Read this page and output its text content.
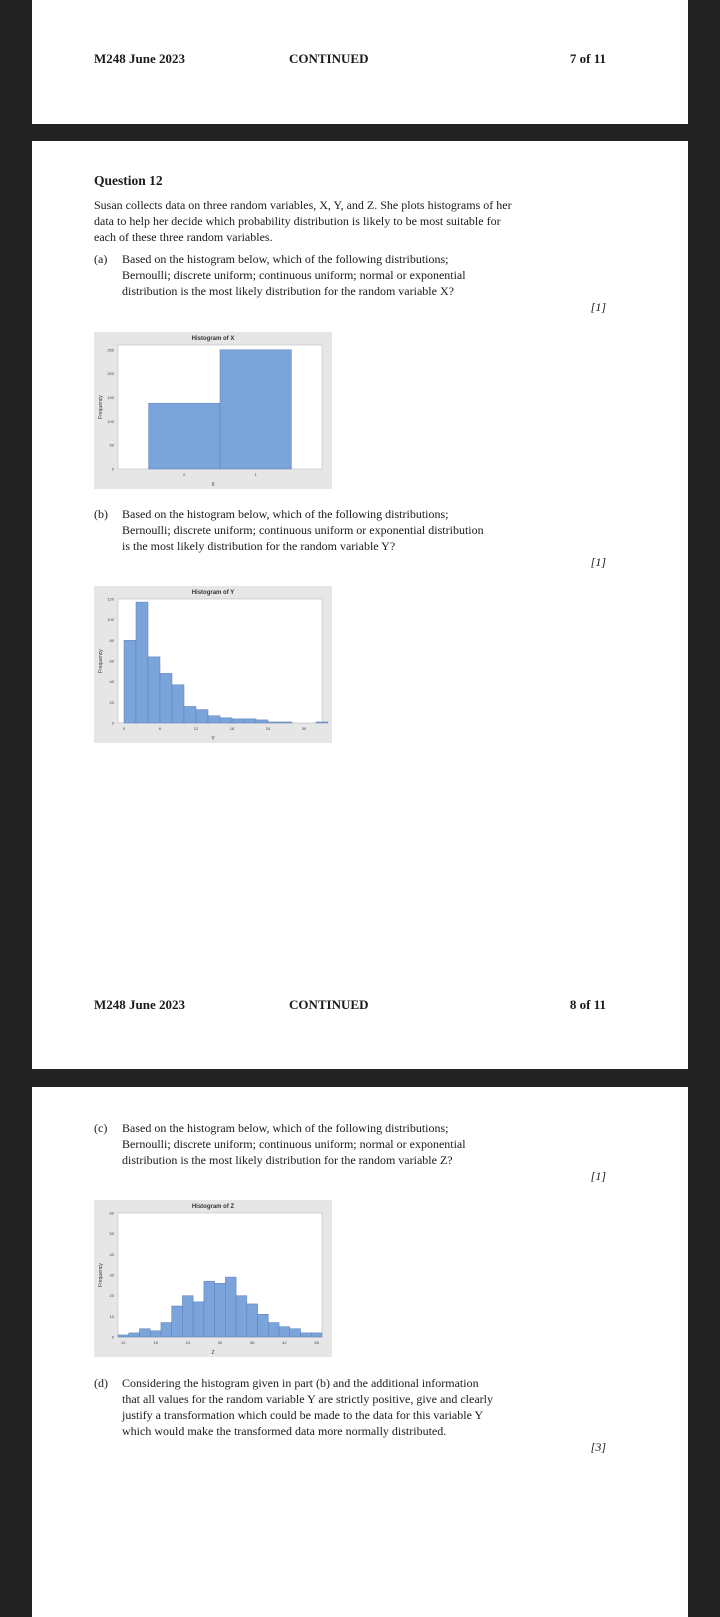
M248 June 2023	CONTINUED	7 of 11
Question 12
Susan collects data on three random variables, X, Y, and Z. She plots histograms of her data to help her decide which probability distribution is likely to be most suitable for each of these three random variables.
(a) Based on the histogram below, which of the following distributions; Bernoulli; discrete uniform; continuous uniform; normal or exponential distribution is the most likely distribution for the random variable X?
[1]
Histogram of X
X
Frequency
0
50
100
150
200
250
0	1
(b) Based on the histogram below, which of the following distributions; Bernoulli; discrete uniform; continuous uniform or exponential distribution is the most likely distribution for the random variable Y?
[1]
Histogram of Y
Y
Frequency
0
20
40
60
80
100
120
0	6	12	18	24	30
M248 June 2023	CONTINUED	8 of 11
(c) Based on the histogram below, which of the following distributions; Bernoulli; discrete uniform; continuous uniform; normal or exponential distribution is the most likely distribution for the random variable Z?
[1]
Histogram of Z
Z
Frequency
0
10
20
30
40
50
60
12	18	24	30	36	42	48
(d) Considering the histogram given in part (b) and the additional information that all values for the random variable Y are strictly positive, give and clearly justify a transformation which could be made to the data for this variable Y which would make the transformed data more normally distributed.
[3]
